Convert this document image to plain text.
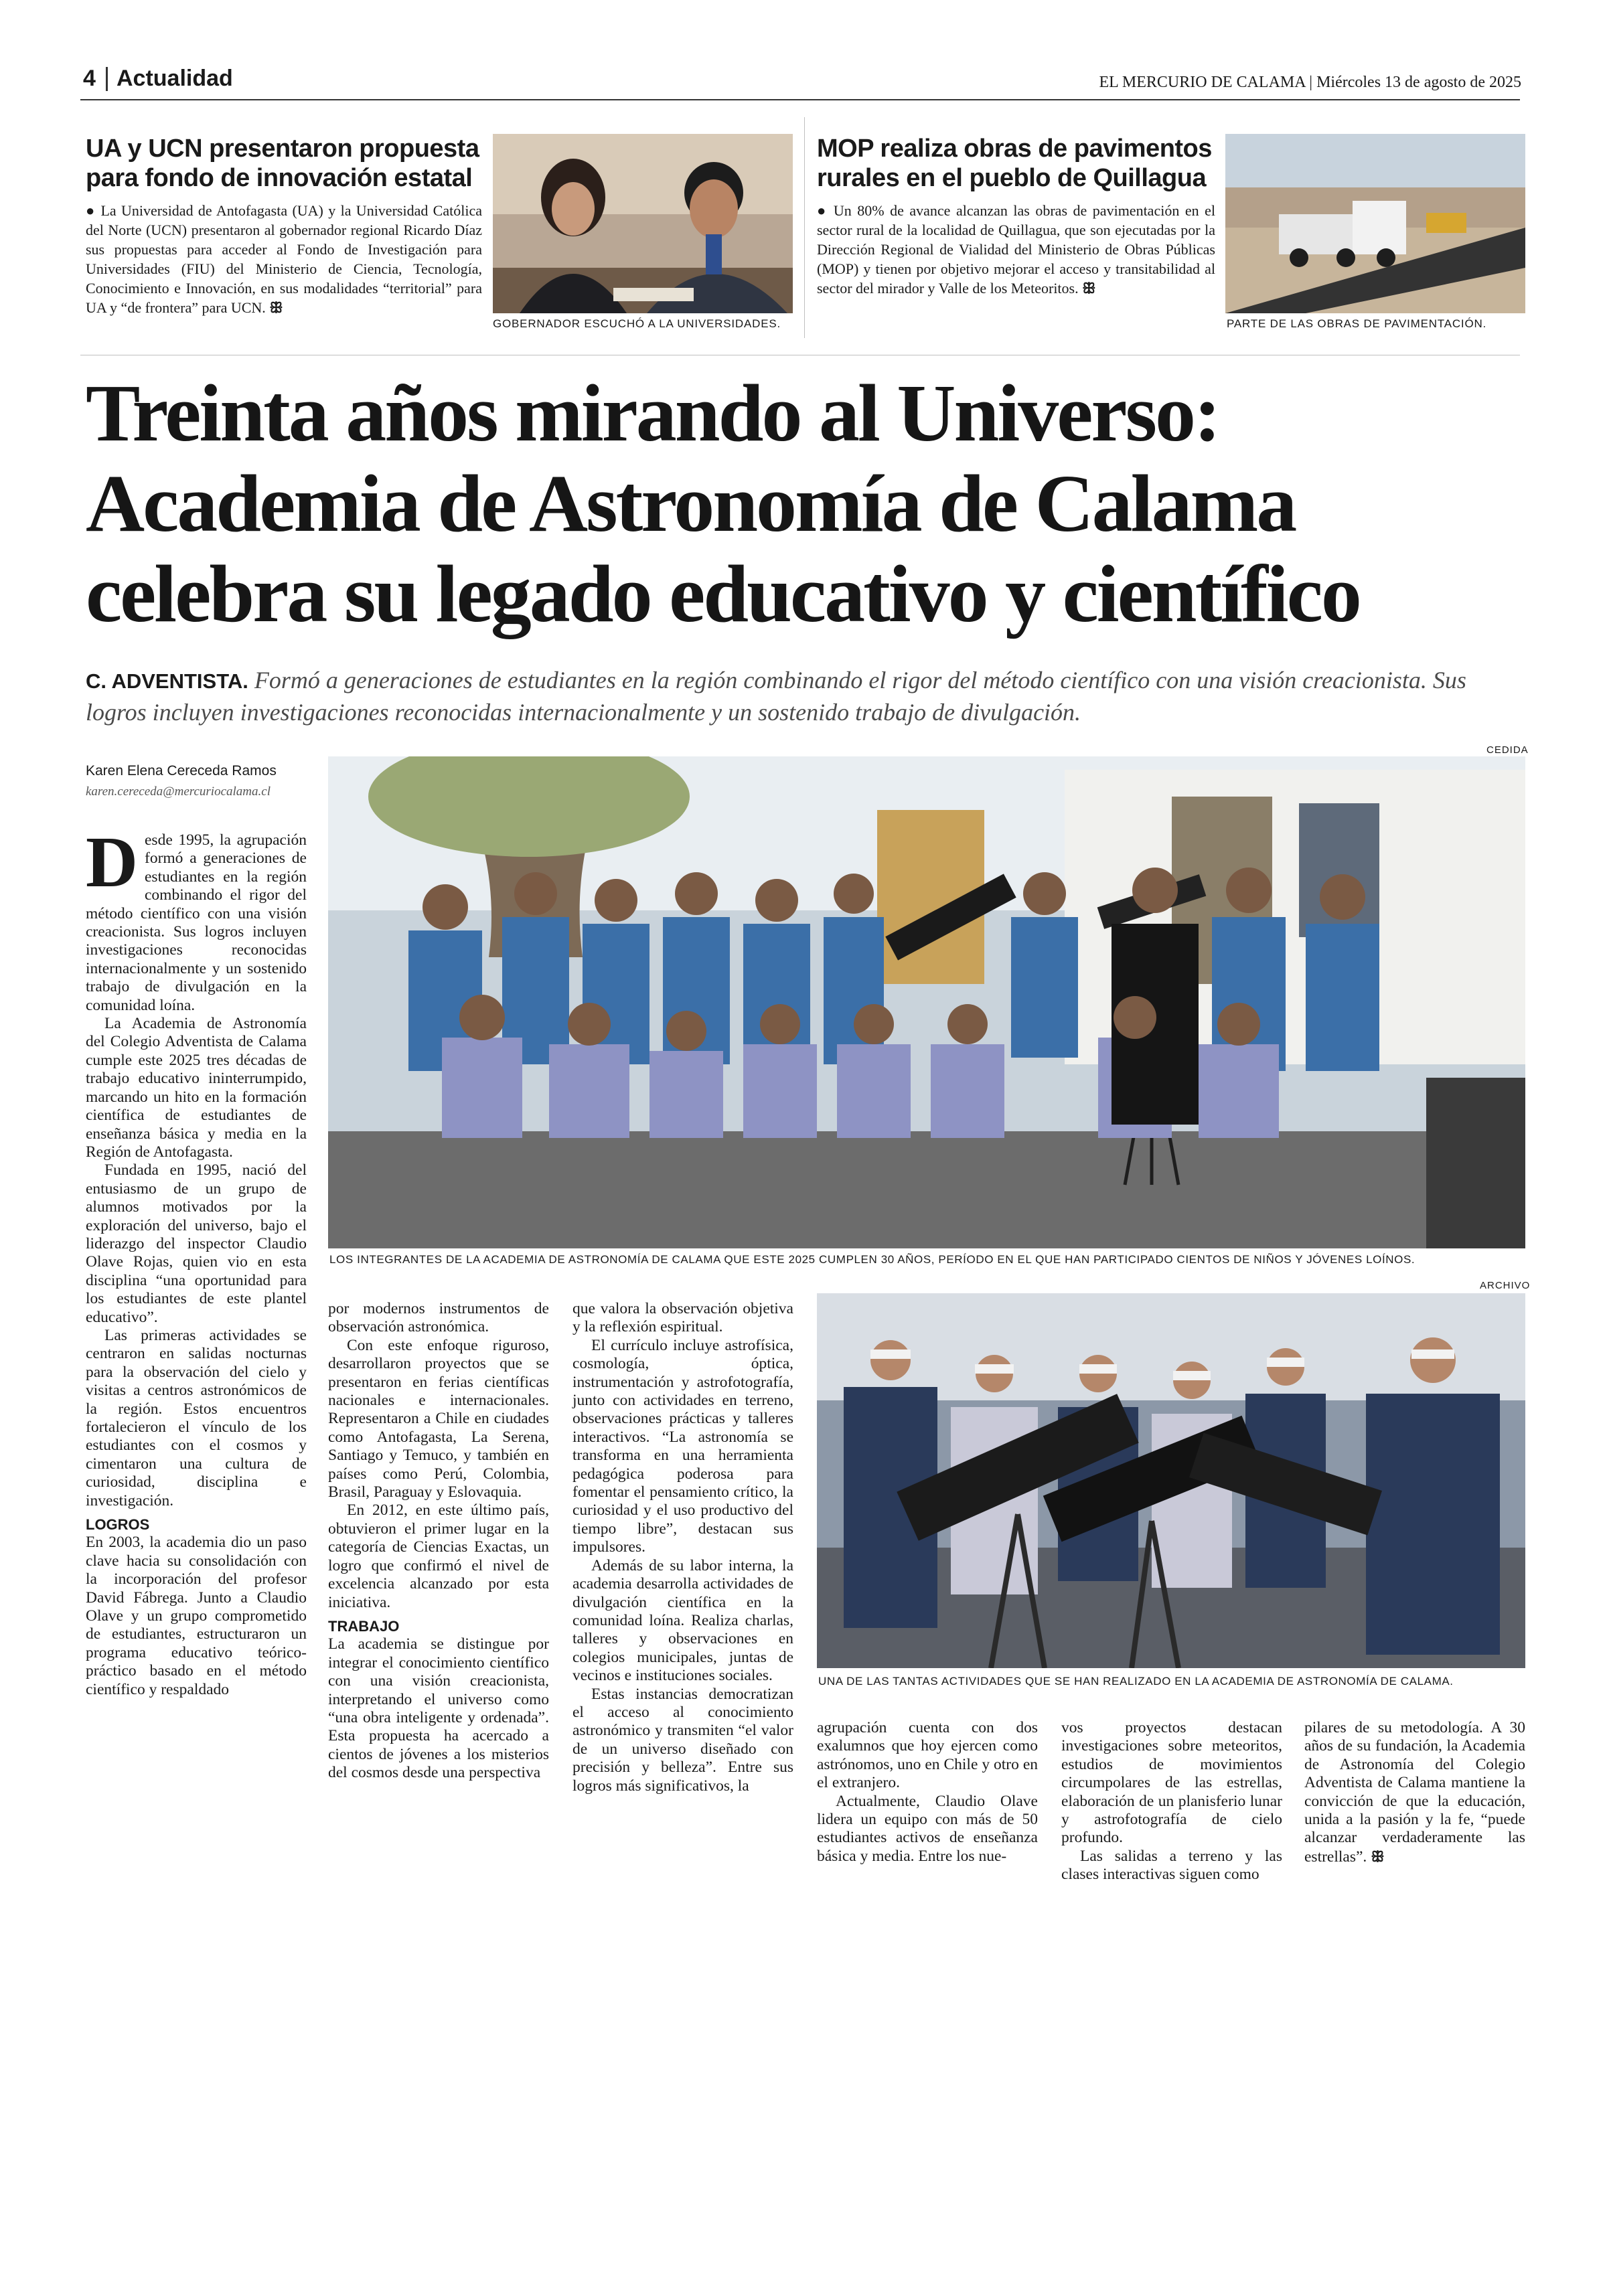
4 Actualidad	EL MERCURIO DE CALAMA | Miércoles 13 de agosto de 2025
UA y UCN presentaron propuesta
para fondo de innovación estatal
● La Universidad de Antofagasta (UA) y la Universidad Católica del Norte (UCN) presentaron al gobernador regional Ricardo Díaz sus propuestas para acceder al Fondo de Investigación para Universidades (FIU) del Ministerio de Ciencia, Tecnología, Conocimiento e Innovación, en sus modalidades “territorial” para UA y “de frontera” para UCN. ꕥ
GOBERNADOR ESCUCHÓ A LA UNIVERSIDADES.
MOP realiza obras de pavimentos
rurales en el pueblo de Quillagua
● Un 80% de avance alcanzan las obras de pavimentación en el sector rural de la localidad de Quillagua, que son ejecutadas por la Dirección Regional de Vialidad del Ministerio de Obras Públicas (MOP) y tienen por objetivo mejorar el acceso y transitabilidad al sector del mirador y Valle de los Meteoritos. ꕥ
PARTE DE LAS OBRAS DE PAVIMENTACIÓN.
Treinta años mirando al Universo:
Academia de Astronomía de Calama
celebra su legado educativo y científico
C. ADVENTISTA. Formó a generaciones de estudiantes en la región combinando el rigor del método científico con una visión creacionista. Sus logros incluyen investigaciones reconocidas internacionalmente y un sostenido trabajo de divulgación.
Karen Elena Cereceda Ramos
karen.cereceda@mercuriocalama.cl
CEDIDA
LOS INTEGRANTES DE LA ACADEMIA DE ASTRONOMÍA DE CALAMA QUE ESTE 2025 CUMPLEN 30 AÑOS, PERÍODO EN EL QUE HAN PARTICIPADO CIENTOS DE NIÑOS Y JÓVENES LOÍNOS.
ARCHIVO
UNA DE LAS TANTAS ACTIVIDADES QUE SE HAN REALIZADO EN LA ACADEMIA DE ASTRONOMÍA DE CALAMA.

Desde 1995, la agrupación formó a generaciones de estudiantes en la región combinando el rigor del método científico con una visión creacionista. Sus logros incluyen investigaciones reconocidas internacionalmente y un sostenido trabajo de divulgación en la comunidad loína.

La Academia de Astronomía del Colegio Adventista de Calama cumple este 2025 tres décadas de trabajo educativo ininterrumpido, marcando un hito en la formación científica de estudiantes de enseñanza básica y media en la Región de Antofagasta.

Fundada en 1995, nació del entusiasmo de un grupo de alumnos motivados por la exploración del universo, bajo el liderazgo del inspector Claudio Olave Rojas, quien vio en esta disciplina “una oportunidad para los estudiantes de este plantel educativo”.

Las primeras actividades se centraron en salidas nocturnas para la observación del cielo y visitas a centros astronómicos de la región. Estos encuentros fortalecieron el vínculo de los estudiantes con el cosmos y cimentaron una cultura de curiosidad, disciplina e investigación.

LOGROS

En 2003, la academia dio un paso clave hacia su consolidación con la incorporación del profesor David Fábrega. Junto a Claudio Olave y un grupo comprometido de estudiantes, estructuraron un programa educativo teórico-práctico basado en el método científico y respaldado

por modernos instrumentos de observación astronómica.

Con este enfoque riguroso, desarrollaron proyectos que se presentaron en ferias científicas nacionales e internacionales. Representaron a Chile en ciudades como Antofagasta, La Serena, Santiago y Temuco, y también en países como Perú, Colombia, Brasil, Paraguay y Eslovaquia.

En 2012, en este último país, obtuvieron el primer lugar en la categoría de Ciencias Exactas, un logro que confirmó el nivel de excelencia alcanzado por esta iniciativa.

TRABAJO

La academia se distingue por integrar el conocimiento científico con una visión creacionista, interpretando el universo como “una obra inteligente y ordenada”. Esta propuesta ha acercado a cientos de jóvenes a los misterios del cosmos desde una perspectiva

que valora la observación objetiva y la reflexión espiritual.

El currículo incluye astrofísica, cosmología, óptica, instrumentación y astrofotografía, junto con actividades en terreno, observaciones prácticas y talleres interactivos. “La astronomía se transforma en una herramienta pedagógica poderosa para fomentar el pensamiento crítico, la curiosidad y el uso productivo del tiempo libre”, destacan sus impulsores.

Además de su labor interna, la academia desarrolla actividades de divulgación científica en la comunidad loína. Realiza charlas, talleres y observaciones en colegios municipales, juntas de vecinos e instituciones sociales.

Estas instancias democratizan el acceso al conocimiento astronómico y transmiten “el valor de un universo diseñado con precisión y belleza”. Entre sus logros más significativos, la

agrupación cuenta con dos exalumnos que hoy ejercen como astrónomos, uno en Chile y otro en el extranjero.

Actualmente, Claudio Olave lidera un equipo con más de 50 estudiantes activos de enseñanza básica y media. Entre los nue-

vos proyectos destacan investigaciones sobre meteoritos, estudios de movimientos circumpolares de las estrellas, elaboración de un planisferio lunar y astrofotografía de cielo profundo.

Las salidas a terreno y las clases interactivas siguen como

pilares de su metodología. A 30 años de su fundación, la Academia de Astronomía del Colegio Adventista de Calama mantiene la convicción de que la educación, unida a la pasión y la fe, “puede alcanzar verdaderamente las estrellas”. ꕥ
